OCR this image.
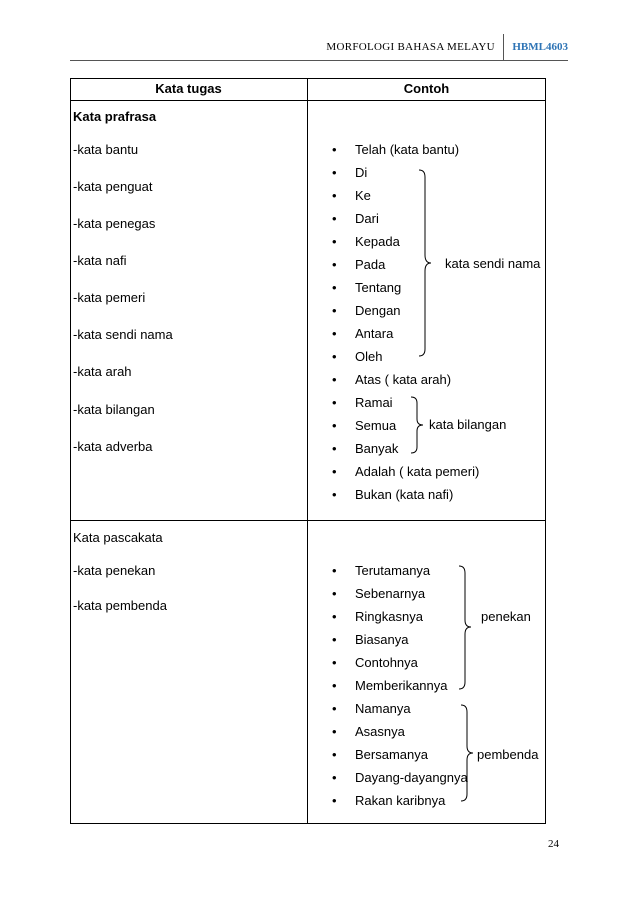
MORFOLOGI BAHASA MELAYU	HBML4603
Kata tugas	Contoh
Kata prafrasa
-kata bantu
-kata penguat
-kata penegas
-kata nafi
-kata pemeri
-kata sendi nama
-kata arah
-kata bilangan
-kata adverba
• Telah (kata bantu)
• Di
• Ke
• Dari
• Kepada
• Pada
• Tentang
• Dengan
• Antara
• Oleh
• Atas ( kata arah)
• Ramai
• Semua
• Banyak
• Adalah ( kata pemeri)
• Bukan (kata nafi)
kata sendi nama
kata bilangan
Kata pascakata
-kata penekan
-kata pembenda
• Terutamanya
• Sebenarnya
• Ringkasnya
• Biasanya
• Contohnya
• Memberikannya
• Namanya
• Asasnya
• Bersamanya
• Dayang-dayangnya
• Rakan karibnya
penekan
pembenda
24
